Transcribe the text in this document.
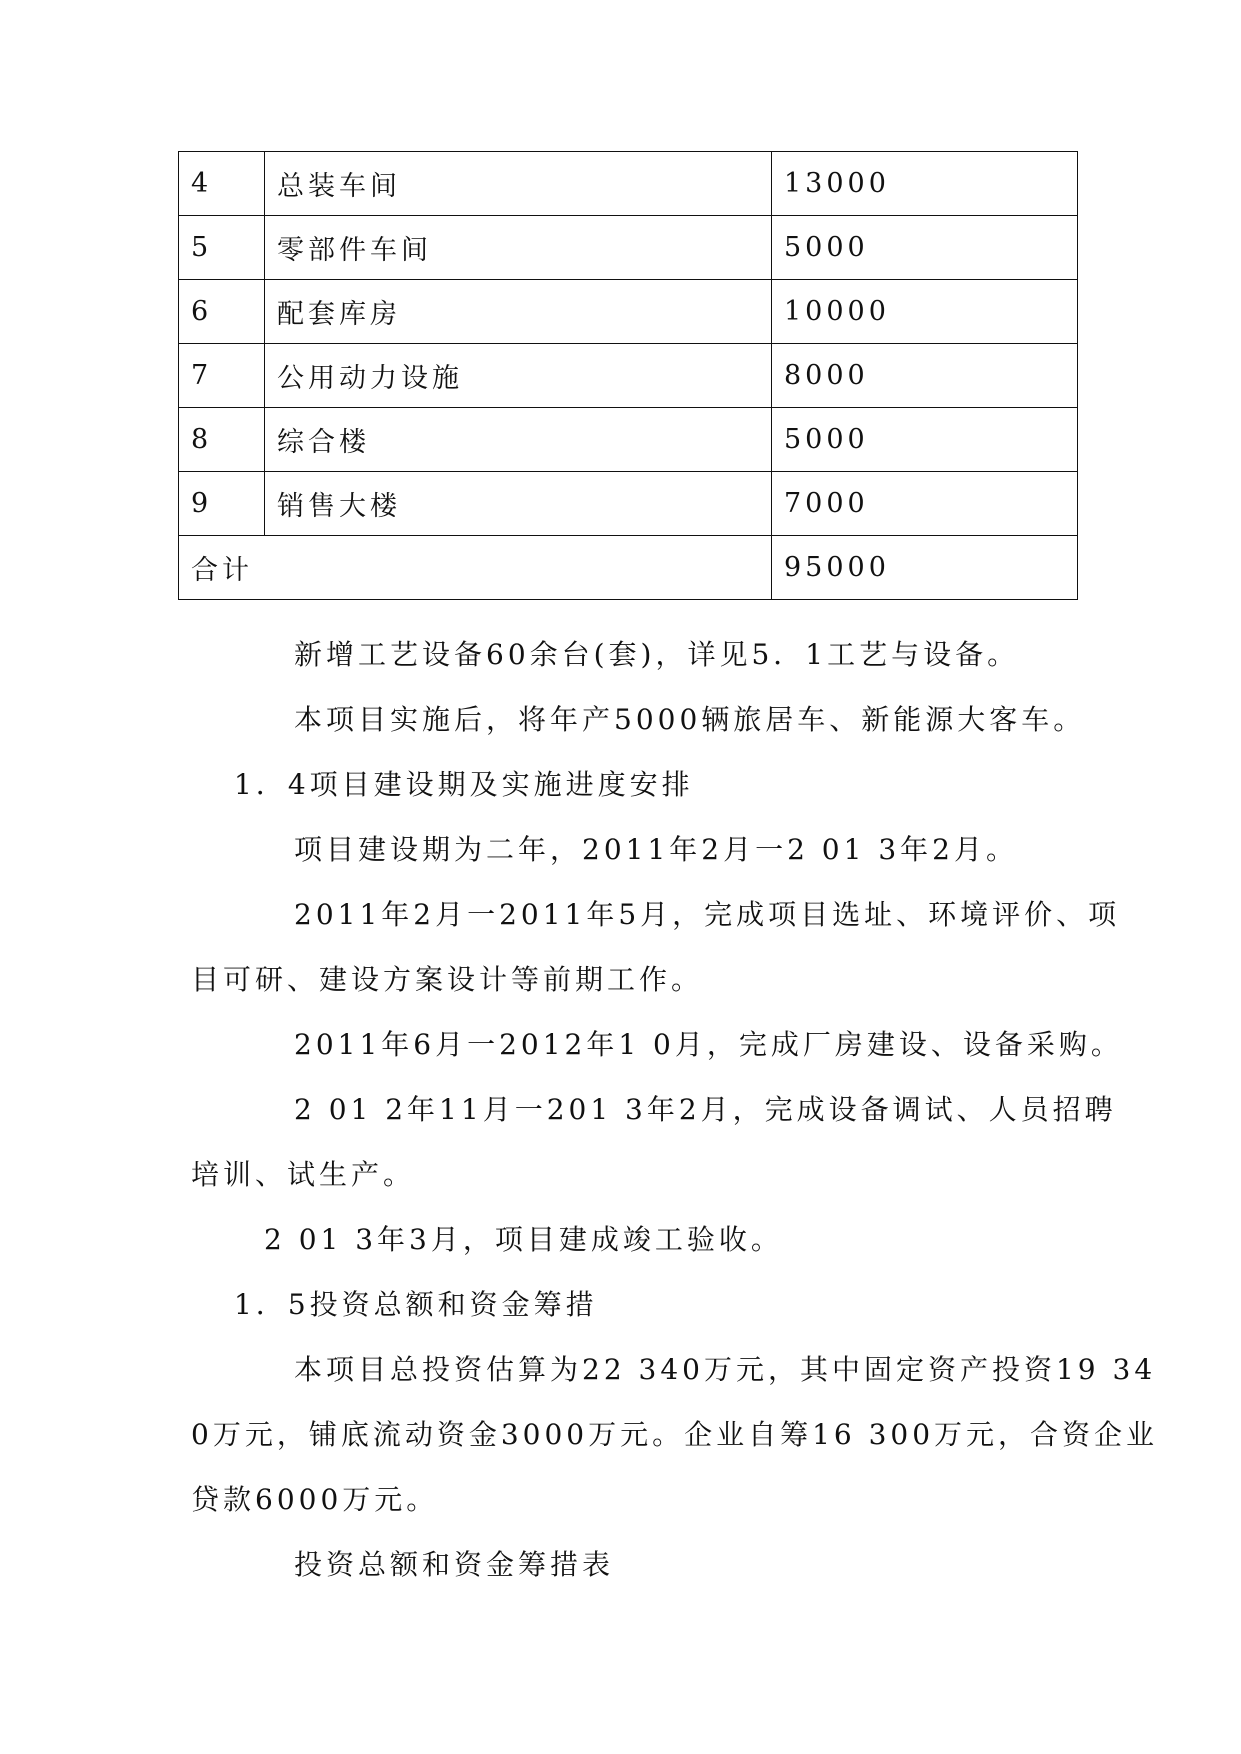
4	总装车间	13000
5	零部件车间	5000
6	配套库房	10000
7	公用动力设施	8000
8	综合楼	5000
9	销售大楼	7000
合计		95000
新增工艺设备60余台(套)，详见5．1工艺与设备。
本项目实施后，将年产5000辆旅居车、新能源大客车。
1．4项目建设期及实施进度安排
项目建设期为二年，2011年2月一2 01 3年2月。
2011年2月一2011年5月，完成项目选址、环境评价、项
目可研、建设方案设计等前期工作。
2011年6月一2012年1 0月，完成厂房建设、设备采购。
2 01 2年11月一201 3年2月，完成设备调试、人员招聘
培训、试生产。
2 01 3年3月，项目建成竣工验收。
1．5投资总额和资金筹措
本项目总投资估算为22 340万元，其中固定资产投资19 34
0万元，铺底流动资金3000万元。企业自筹16 300万元，合资企业
贷款6000万元。
投资总额和资金筹措表
